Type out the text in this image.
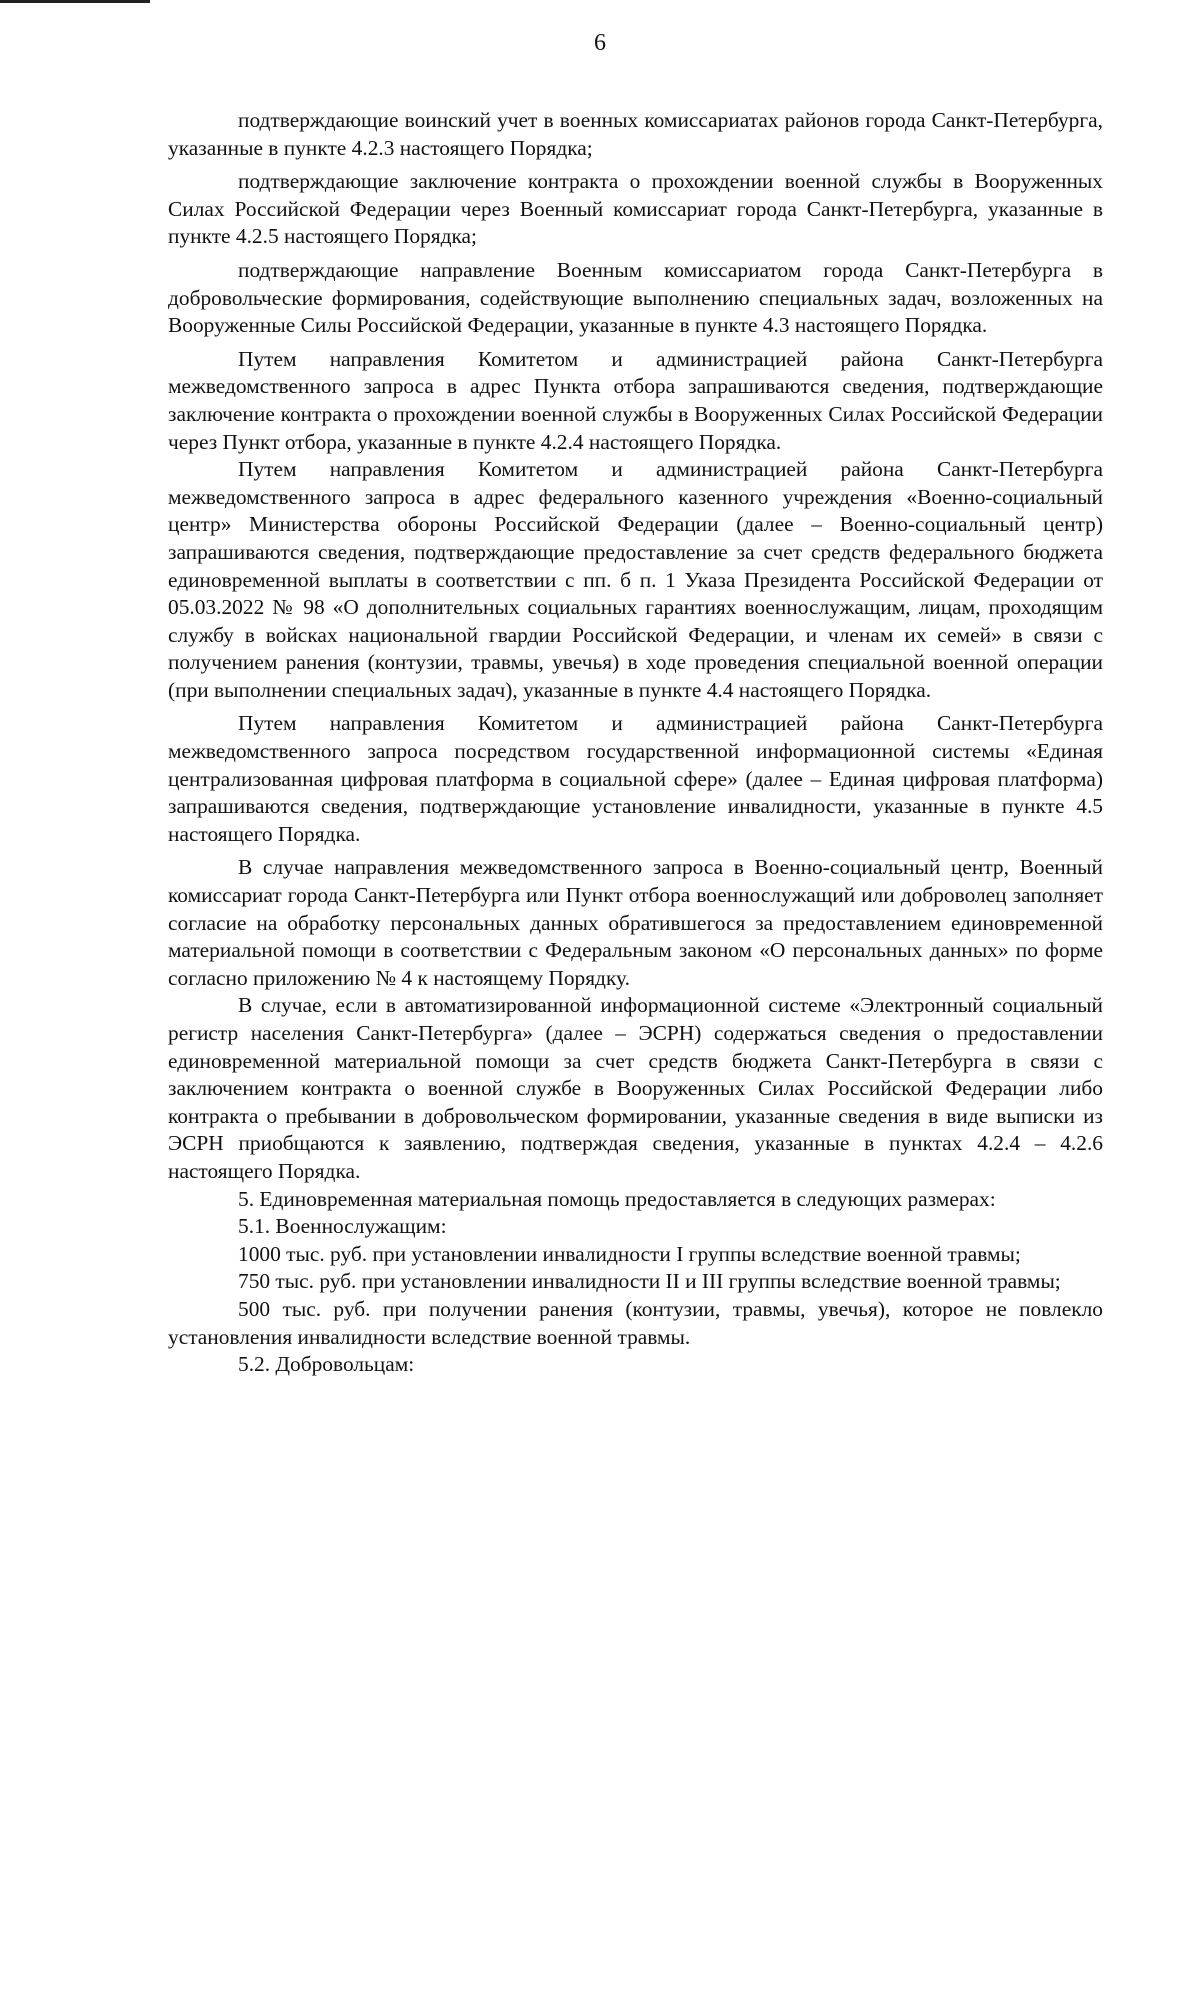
6

подтверждающие воинский учет в военных комиссариатах районов города Санкт-Петербурга, указанные в пункте 4.2.3 настоящего Порядка;

подтверждающие заключение контракта о прохождении военной службы в Вооруженных Силах Российской Федерации через Военный комиссариат города Санкт-Петербурга, указанные в пункте 4.2.5 настоящего Порядка;

подтверждающие направление Военным комиссариатом города Санкт-Петербурга в добровольческие формирования, содействующие выполнению специальных задач, возложенных на Вооруженные Силы Российской Федерации, указанные в пункте 4.3 настоящего Порядка.

Путем направления Комитетом и администрацией района Санкт-Петербурга межведомственного запроса в адрес Пункта отбора запрашиваются сведения, подтверждающие заключение контракта о прохождении военной службы в Вооруженных Силах Российской Федерации через Пункт отбора, указанные в пункте 4.2.4 настоящего Порядка.

Путем направления Комитетом и администрацией района Санкт-Петербурга межведомственного запроса в адрес федерального казенного учреждения «Военно-социальный центр» Министерства обороны Российской Федерации (далее – Военно-социальный центр) запрашиваются сведения, подтверждающие предоставление за счет средств федерального бюджета единовременной выплаты в соответствии с пп. б п. 1 Указа Президента Российской Федерации от 05.03.2022 № 98 «О дополнительных социальных гарантиях военнослужащим, лицам, проходящим службу в войсках национальной гвардии Российской Федерации, и членам их семей» в связи с получением ранения (контузии, травмы, увечья) в ходе проведения специальной военной операции (при выполнении специальных задач), указанные в пункте 4.4 настоящего Порядка.

Путем направления Комитетом и администрацией района Санкт-Петербурга межведомственного запроса посредством государственной информационной системы «Единая централизованная цифровая платформа в социальной сфере» (далее – Единая цифровая платформа) запрашиваются сведения, подтверждающие установление инвалидности, указанные в пункте 4.5 настоящего Порядка.

В случае направления межведомственного запроса в Военно-социальный центр, Военный комиссариат города Санкт-Петербурга или Пункт отбора военнослужащий или доброволец заполняет согласие на обработку персональных данных обратившегося за предоставлением единовременной материальной помощи в соответствии с Федеральным законом «О персональных данных» по форме согласно приложению № 4 к настоящему Порядку.

В случае, если в автоматизированной информационной системе «Электронный социальный регистр населения Санкт-Петербурга» (далее – ЭСРН) содержаться сведения о предоставлении единовременной материальной помощи за счет средств бюджета Санкт-Петербурга в связи с заключением контракта о военной службе в Вооруженных Силах Российской Федерации либо контракта о пребывании в добровольческом формировании, указанные сведения в виде выписки из ЭСРН приобщаются к заявлению, подтверждая сведения, указанные в пунктах 4.2.4 – 4.2.6 настоящего Порядка.

5. Единовременная материальная помощь предоставляется в следующих размерах:

5.1. Военнослужащим:

1000 тыс. руб. при установлении инвалидности I группы вследствие военной травмы;

750 тыс. руб. при установлении инвалидности II и III группы вследствие военной травмы;

500 тыс. руб. при получении ранения (контузии, травмы, увечья), которое не повлекло установления инвалидности вследствие военной травмы.

5.2. Добровольцам:
